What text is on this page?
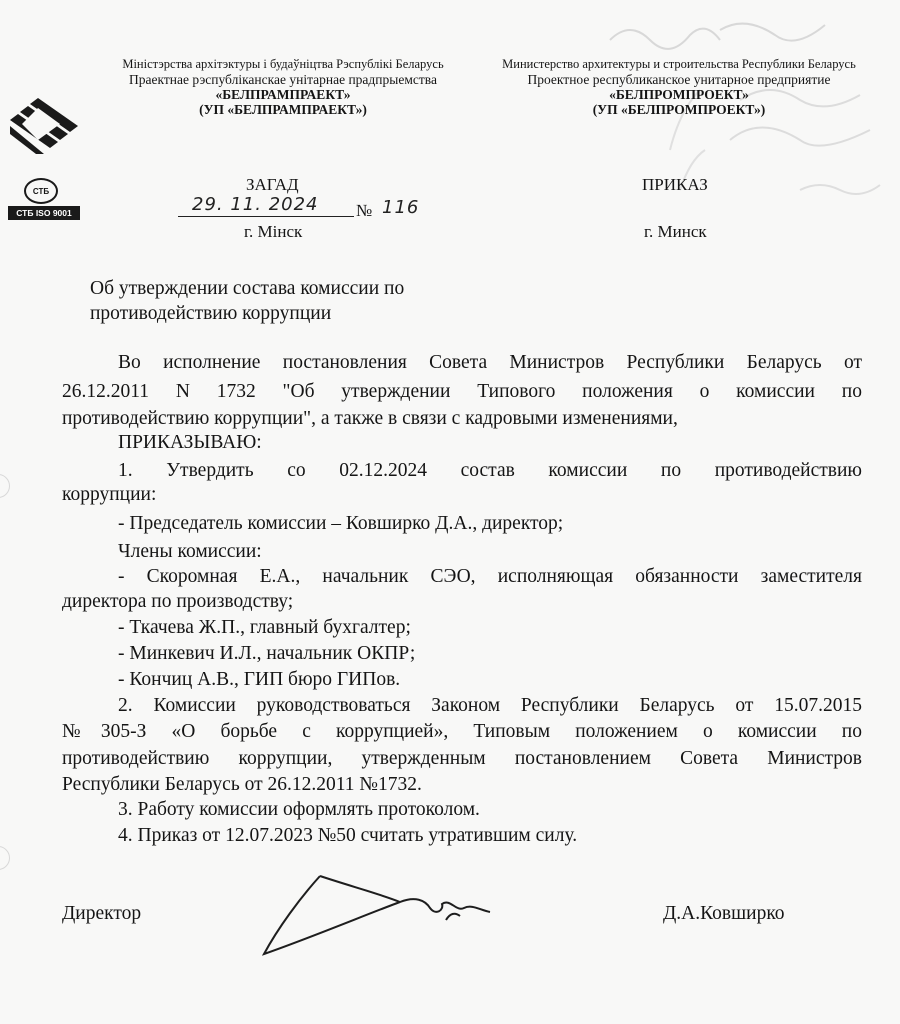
СТБ
СТБ ISO 9001
Міністэрства архітэктуры і будаўніцтва Рэспублікі Беларусь
Праектнае рэспубліканскае унітарнае прадпрыемства
«БЕЛПРАМПРАЕКТ»
(УП «БЕЛПРАМПРАЕКТ»)
Министерство архитектуры и строительства Республики Беларусь
Проектное республиканское унитарное предприятие
«БЕЛПРОМПРОЕКТ»
(УП «БЕЛПРОМПРОЕКТ»)
ЗАГАД	ПРИКАЗ
29. 11. 2024 № 116
г. Мінск	г. Минск
Об утверждении состава комиссии по
противодействию коррупции
Во исполнение постановления Совета Министров Республики Беларусь от
26.12.2011 N 1732 "Об утверждении Типового положения о комиссии по
противодействию коррупции", а также в связи с кадровыми изменениями,
ПРИКАЗЫВАЮ:
1. Утвердить со 02.12.2024 состав комиссии по противодействию
коррупции:
- Председатель комиссии – Ковширко Д.А., директор;
Члены комиссии:
- Скоромная Е.А., начальник СЭО, исполняющая обязанности заместителя
директора по производству;
- Ткачева Ж.П., главный бухгалтер;
- Минкевич И.Л., начальник ОКПР;
- Кончиц А.В., ГИП бюро ГИПов.
2. Комиссии руководствоваться Законом Республики Беларусь от 15.07.2015
№305-З «О борьбе с коррупцией», Типовым положением о комиссии по
противодействию коррупции, утвержденным постановлением Совета Министров
Республики Беларусь от 26.12.2011 №1732.
3. Работу комиссии оформлять протоколом.
4. Приказ от 12.07.2023 №50 считать утратившим силу.
Директор	Д.А.Ковширко
